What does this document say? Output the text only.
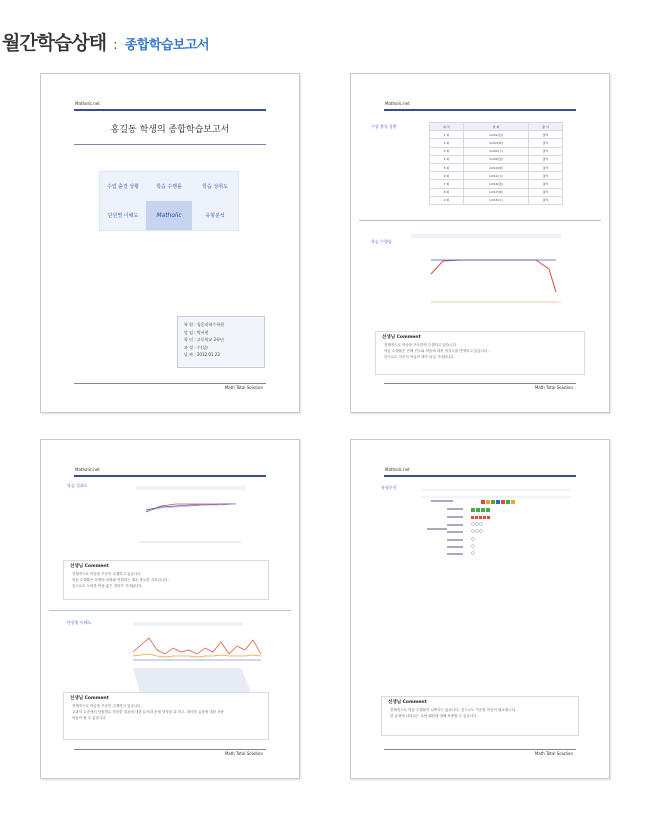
월간학습상태 : 종합학습보고서
Matholic.net
홍길동 학생의 종합학습보고서
수업 출결 상황	학습 수행률	학습 성취도
단원별 이해도	Matholic	유형분석
학 원 : 청운과학수학원
담 임 : 박서현
학 년 : 고등학교 2학년
과 정 : 수(상)
날 짜 : 2012.01.23
Math Total Solution
Matholic.net
수업 출결 상황	회 차	날 짜	출 석
1 회	12/02(월)	출석
2 회	12/03(화)	출석
3 회	12/04(수)	출석
4 회	12/09(월)	출석
5 회	12/10(화)	출석
6 회	12/11(수)	출석
7 회	12/16(월)	출석
8 회	12/17(화)	출석
9 회	12/18(수)	출석
학습 수행률
선생님 Comment
전체적으로 학습을 꾸준하게 수행하고 있습니다.
학습 수행률은 전체 진도와 학습에 대한 성실도를 반영하고 있습니다.
앞으로도 꾸준히 학습이 계속 되길 기대합니다.
Math Total Solution
Matholic.net
학습 성취도
선생님 Comment
전체적으로 학습을 꾸준히 수행하고 있습니다.
학습 수행률은 학생의 성취와 연결되는 매우 중요한 지표입니다.
앞으로도 노력한 만큼 좋은 결과가 기대됩니다.
단원별 이해도
선생님 Comment
전체적으로 학습을 꾸준히 수행하고 있습니다.
교과서 수준에서 단원별로 학습한 결과에 대한 분석과 문제 향상을 위 하고, 취약한 유형에 대한 보충
학습이 될 수 있습니다.
Math Total Solution
Matholic.net
유형분석
선생님 Comment
전체적으로 학습 수행률이 나쁘지는 않습니다. 앞으로도 꾸준한 학습이 필요합니다.
한 유형에 나타나는 오답 패턴에 대해 보충할 수 있습니다.
Math Total Solution
